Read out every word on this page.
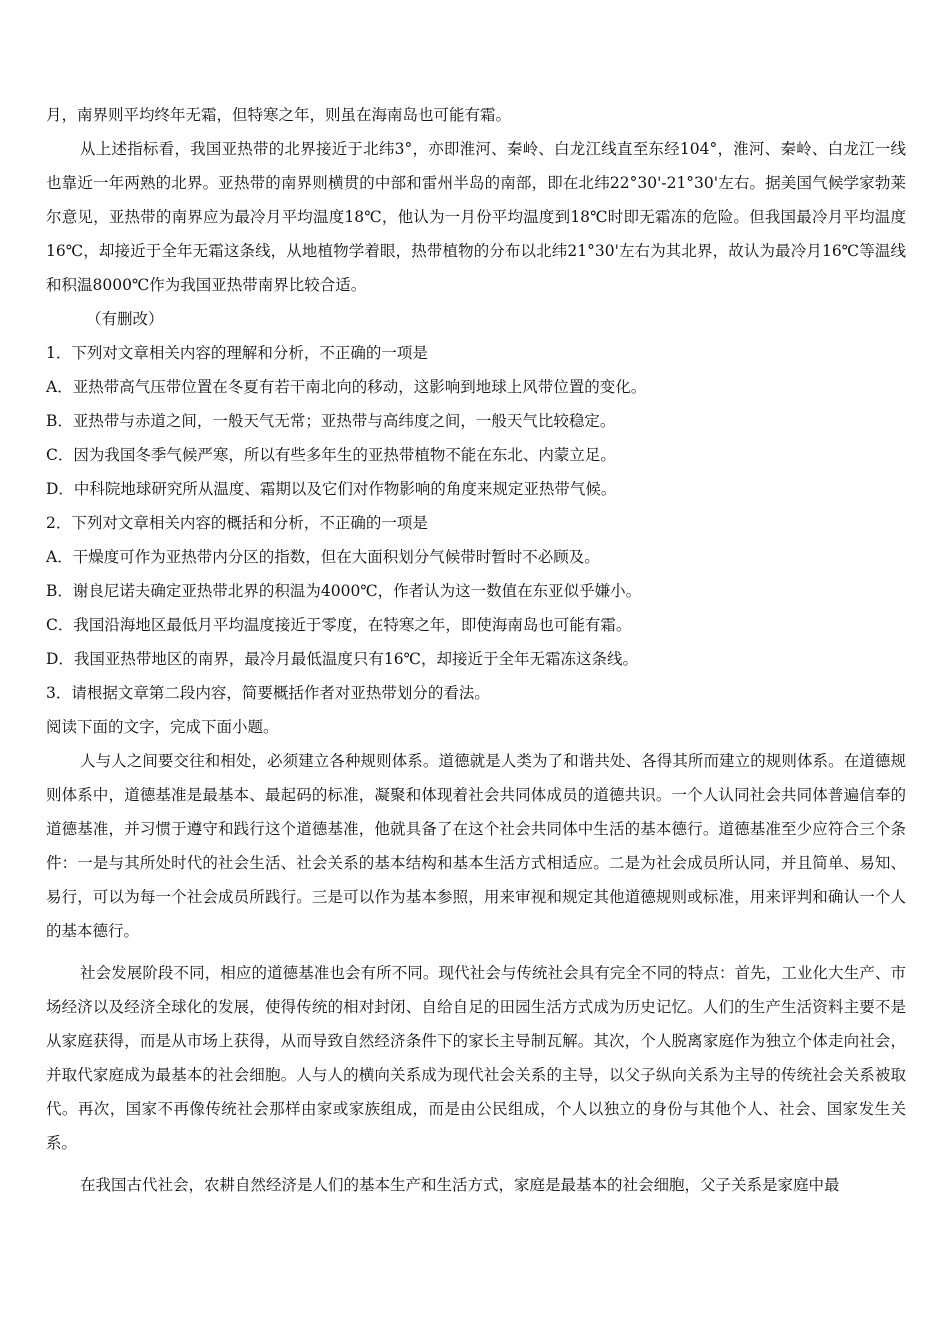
月，南界则平均终年无霜，但特寒之年，则虽在海南岛也可能有霜。

从上述指标看，我国亚热带的北界接近于北纬3°，亦即淮河、秦岭、白龙江线直至东经104°，淮河、秦岭、白龙江一线也靠近一年两熟的北界。亚热带的南界则横贯的中部和雷州半岛的南部，即在北纬22°30'-21°30'左右。据美国气候学家勃莱尔意见，亚热带的南界应为最冷月平均温度18℃，他认为一月份平均温度到18℃时即无霜冻的危险。但我国最冷月平均温度16℃，却接近于全年无霜这条线，从地植物学着眼，热带植物的分布以北纬21°30'左右为其北界，故认为最冷月16℃等温线和积温8000℃作为我国亚热带南界比较合适。

（有删改）

1．下列对文章相关内容的理解和分析，不正确的一项是

A．亚热带高气压带位置在冬夏有若干南北向的移动，这影响到地球上风带位置的变化。

B．亚热带与赤道之间，一般天气无常；亚热带与高纬度之间，一般天气比较稳定。

C．因为我国冬季气候严寒，所以有些多年生的亚热带植物不能在东北、内蒙立足。

D．中科院地球研究所从温度、霜期以及它们对作物影响的角度来规定亚热带气候。

2．下列对文章相关内容的概括和分析，不正确的一项是

A．干燥度可作为亚热带内分区的指数，但在大面积划分气候带时暂时不必顾及。

B．谢良尼诺夫确定亚热带北界的积温为4000℃，作者认为这一数值在东亚似乎嫌小。

C．我国沿海地区最低月平均温度接近于零度，在特寒之年，即使海南岛也可能有霜。

D．我国亚热带地区的南界，最冷月最低温度只有16℃，却接近于全年无霜冻这条线。

3．请根据文章第二段内容，简要概括作者对亚热带划分的看法。

阅读下面的文字，完成下面小题。

人与人之间要交往和相处，必须建立各种规则体系。道德就是人类为了和谐共处、各得其所而建立的规则体系。在道德规则体系中，道德基准是最基本、最起码的标准，凝聚和体现着社会共同体成员的道德共识。一个人认同社会共同体普遍信奉的道德基准，并习惯于遵守和践行这个道德基准，他就具备了在这个社会共同体中生活的基本德行。道德基准至少应符合三个条件：一是与其所处时代的社会生活、社会关系的基本结构和基本生活方式相适应。二是为社会成员所认同，并且简单、易知、易行，可以为每一个社会成员所践行。三是可以作为基本参照，用来审视和规定其他道德规则或标准，用来评判和确认一个人的基本德行。

社会发展阶段不同，相应的道德基准也会有所不同。现代社会与传统社会具有完全不同的特点：首先，工业化大生产、市场经济以及经济全球化的发展，使得传统的相对封闭、自给自足的田园生活方式成为历史记忆。人们的生产生活资料主要不是从家庭获得，而是从市场上获得，从而导致自然经济条件下的家长主导制瓦解。其次，个人脱离家庭作为独立个体走向社会，并取代家庭成为最基本的社会细胞。人与人的横向关系成为现代社会关系的主导，以父子纵向关系为主导的传统社会关系被取代。再次，国家不再像传统社会那样由家或家族组成，而是由公民组成，个人以独立的身份与其他个人、社会、国家发生关系。

在我国古代社会，农耕自然经济是人们的基本生产和生活方式，家庭是最基本的社会细胞，父子关系是家庭中最
